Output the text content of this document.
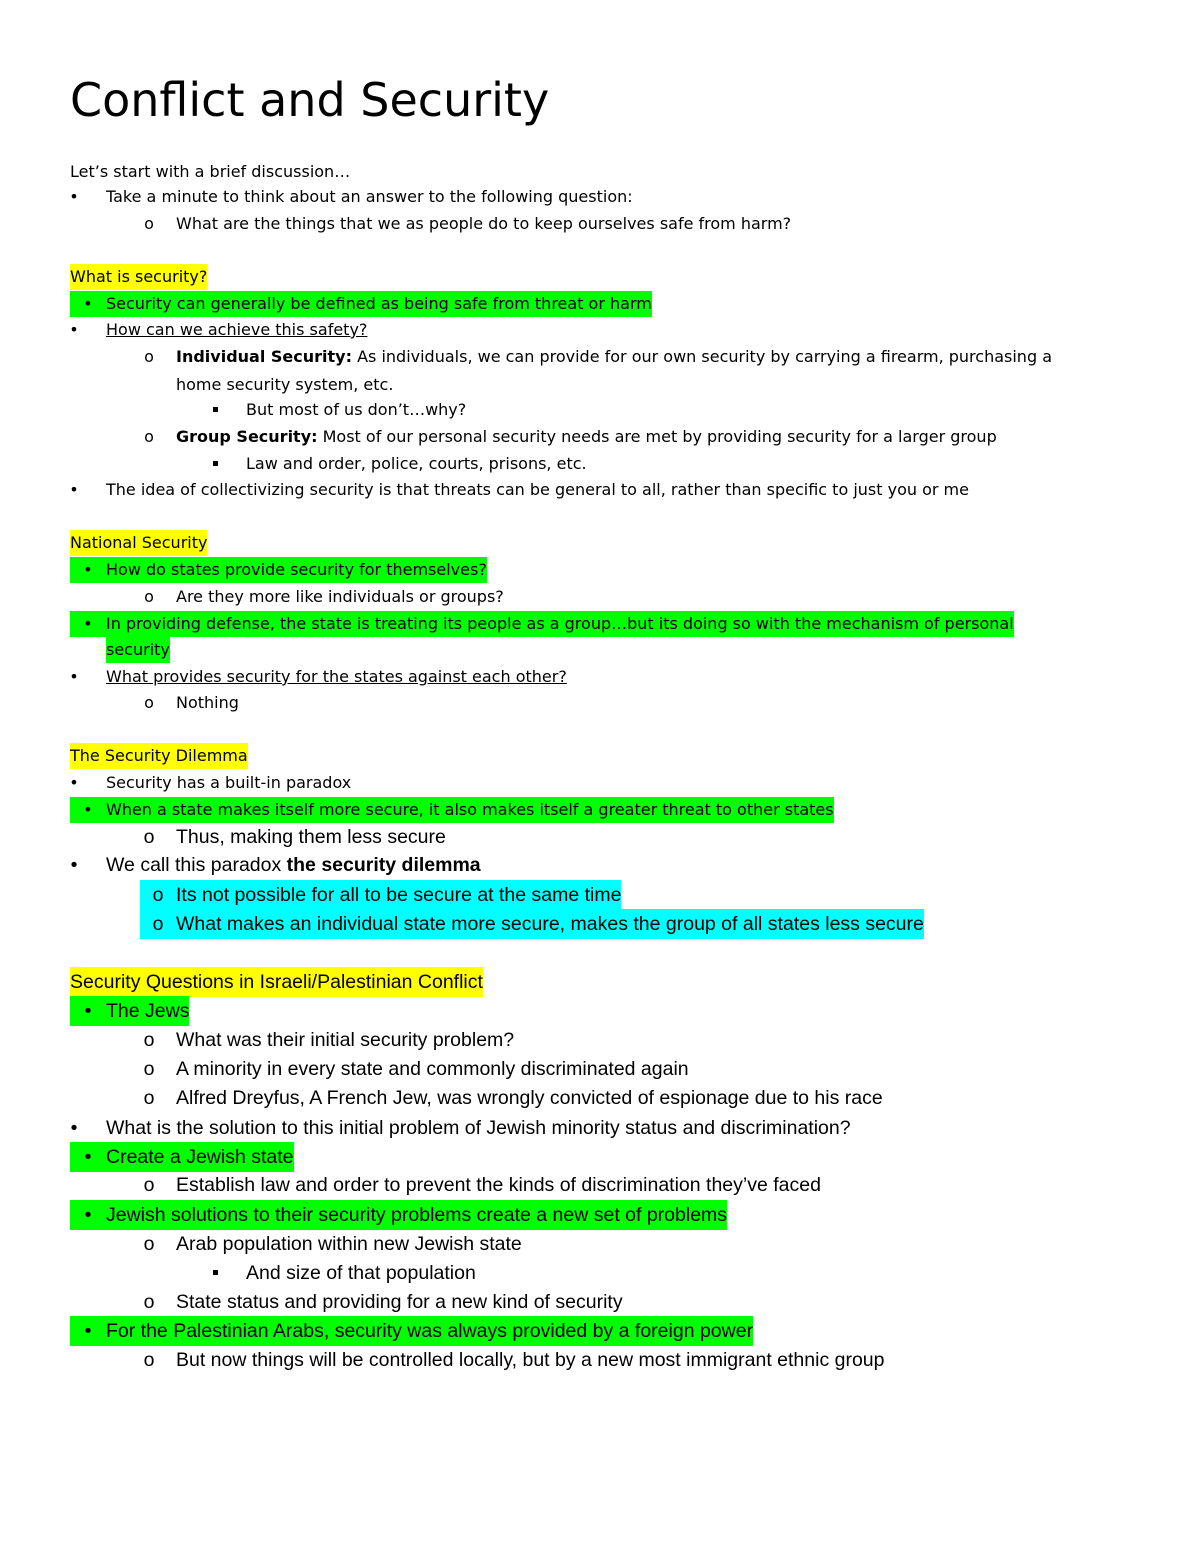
Conflict and Security
Let’s start with a brief discussion…
•	Take a minute to think about an answer to the following question:
o	What are the things that we as people do to keep ourselves safe from harm?
What is security?
• Security can generally be defined as being safe from threat or harm
•	How can we achieve this safety?
o	Individual Security: As individuals, we can provide for our own security by carrying a firearm, purchasing a
home security system, etc.
But most of us don’t…why?
o	Group Security: Most of our personal security needs are met by providing security for a larger group
Law and order, police, courts, prisons, etc.
•	The idea of collectivizing security is that threats can be general to all, rather than specific to just you or me
National Security
• How do states provide security for themselves?
o	Are they more like individuals or groups?
• In providing defense, the state is treating its people as a group…but its doing so with the mechanism of personal
security
•	What provides security for the states against each other?
o	Nothing
The Security Dilemma
•	Security has a built-in paradox
• When a state makes itself more secure, it also makes itself a greater threat to other states
o	Thus, making them less secure
•	We call this paradox the security dilemma
o Its not possible for all to be secure at the same time
o What makes an individual state more secure, makes the group of all states less secure
Security Questions in Israeli/Palestinian Conflict
• The Jews
o	What was their initial security problem?
o	A minority in every state and commonly discriminated again
o	Alfred Dreyfus, A French Jew, was wrongly convicted of espionage due to his race
•	What is the solution to this initial problem of Jewish minority status and discrimination?
• Create a Jewish state
o	Establish law and order to prevent the kinds of discrimination they’ve faced
• Jewish solutions to their security problems create a new set of problems
o	Arab population within new Jewish state
And size of that population
o	State status and providing for a new kind of security
• For the Palestinian Arabs, security was always provided by a foreign power
o	But now things will be controlled locally, but by a new most immigrant ethnic group
